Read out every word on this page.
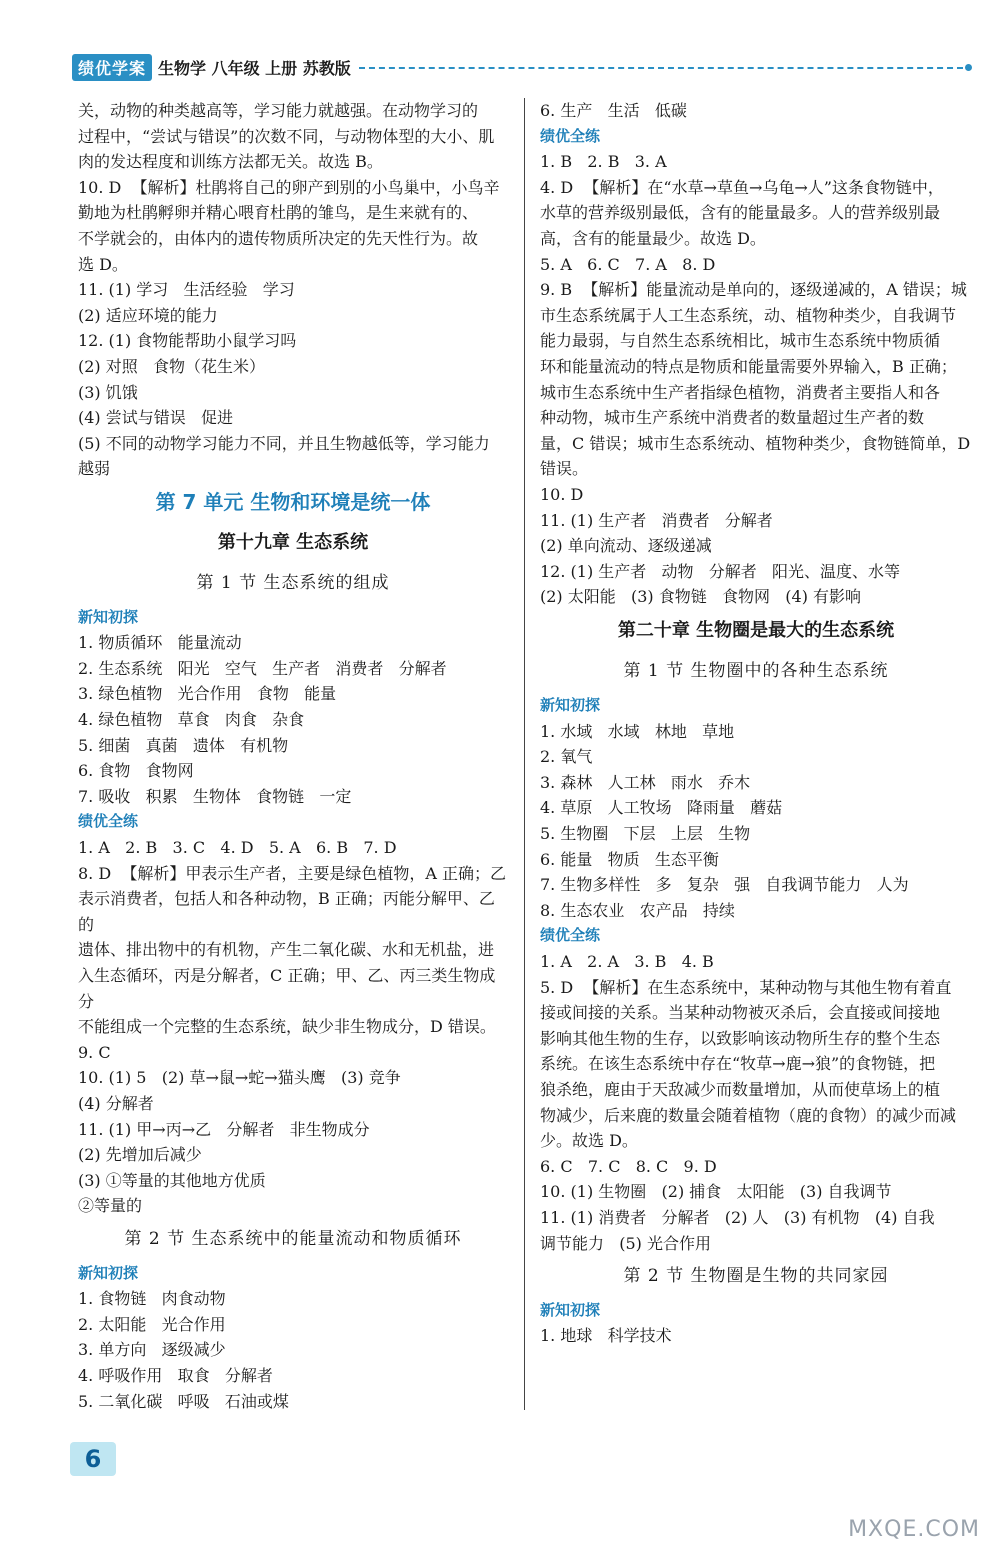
绩优学案 生物学 八年级 上册 苏教版
关，动物的种类越高等，学习能力就越强。在动物学习的
过程中，“尝试与错误”的次数不同，与动物体型的大小、肌
肉的发达程度和训练方法都无关。故选 B。
10. D  【解析】杜鹃将自己的卵产到别的小鸟巢中，小鸟辛
勤地为杜鹃孵卵并精心喂育杜鹃的雏鸟，是生来就有的、
不学就会的，由体内的遗传物质所决定的先天性行为。故
选 D。
11. (1) 学习   生活经验   学习
(2) 适应环境的能力
12. (1) 食物能帮助小鼠学习吗
(2) 对照   食物（花生米）
(3) 饥饿
(4) 尝试与错误   促进
(5) 不同的动物学习能力不同，并且生物越低等，学习能力
越弱
第 7 单元 生物和环境是统一体
第十九章 生态系统
第 1 节 生态系统的组成
新知初探
1. 物质循环   能量流动
2. 生态系统   阳光   空气   生产者   消费者   分解者
3. 绿色植物   光合作用   食物   能量
4. 绿色植物   草食   肉食   杂食
5. 细菌   真菌   遗体   有机物
6. 食物   食物网
7. 吸收   积累   生物体   食物链   一定
绩优全练
1. A   2. B   3. C   4. D   5. A   6. B   7. D
8. D  【解析】甲表示生产者，主要是绿色植物，A 正确；乙
表示消费者，包括人和各种动物，B 正确；丙能分解甲、乙的
遗体、排出物中的有机物，产生二氧化碳、水和无机盐，进
入生态循环，丙是分解者，C 正确；甲、乙、丙三类生物成分
不能组成一个完整的生态系统，缺少非生物成分，D 错误。
9. C
10. (1) 5   (2) 草→鼠→蛇→猫头鹰   (3) 竞争
(4) 分解者
11. (1) 甲→丙→乙   分解者   非生物成分
(2) 先增加后减少
(3) ①等量的其他地方优质
②等量的
第 2 节 生态系统中的能量流动和物质循环
新知初探
1. 食物链   肉食动物
2. 太阳能   光合作用
3. 单方向   逐级减少
4. 呼吸作用   取食   分解者
5. 二氧化碳   呼吸   石油或煤
6. 生产   生活   低碳
绩优全练
1. B   2. B   3. A
4. D  【解析】在“水草→草鱼→乌龟→人”这条食物链中，
水草的营养级别最低，含有的能量最多。人的营养级别最
高，含有的能量最少。故选 D。
5. A   6. C   7. A   8. D
9. B  【解析】能量流动是单向的，逐级递减的，A 错误；城
市生态系统属于人工生态系统，动、植物种类少，自我调节
能力最弱，与自然生态系统相比，城市生态系统中物质循
环和能量流动的特点是物质和能量需要外界输入，B 正确；
城市生态系统中生产者指绿色植物，消费者主要指人和各
种动物，城市生产系统中消费者的数量超过生产者的数
量，C 错误；城市生态系统动、植物种类少，食物链简单，D
错误。
10. D
11. (1) 生产者   消费者   分解者
(2) 单向流动、逐级递减
12. (1) 生产者   动物   分解者   阳光、温度、水等
(2) 太阳能   (3) 食物链   食物网   (4) 有影响
第二十章 生物圈是最大的生态系统
第 1 节 生物圈中的各种生态系统
新知初探
1. 水域   水域   林地   草地
2. 氧气
3. 森林   人工林   雨水   乔木
4. 草原   人工牧场   降雨量   蘑菇
5. 生物圈   下层   上层   生物
6. 能量   物质   生态平衡
7. 生物多样性   多   复杂   强   自我调节能力   人为
8. 生态农业   农产品   持续
绩优全练
1. A   2. A   3. B   4. B
5. D  【解析】在生态系统中，某种动物与其他生物有着直
接或间接的关系。当某种动物被灭杀后，会直接或间接地
影响其他生物的生存，以致影响该动物所生存的整个生态
系统。在该生态系统中存在“牧草→鹿→狼”的食物链，把
狼杀绝，鹿由于天敌减少而数量增加，从而使草场上的植
物减少，后来鹿的数量会随着植物（鹿的食物）的减少而减
少。故选 D。
6. C   7. C   8. C   9. D
10. (1) 生物圈   (2) 捕食   太阳能   (3) 自我调节
11. (1) 消费者   分解者   (2) 人   (3) 有机物   (4) 自我
调节能力   (5) 光合作用
第 2 节 生物圈是生物的共同家园
新知初探
1. 地球   科学技术
6
MXQE.COM
